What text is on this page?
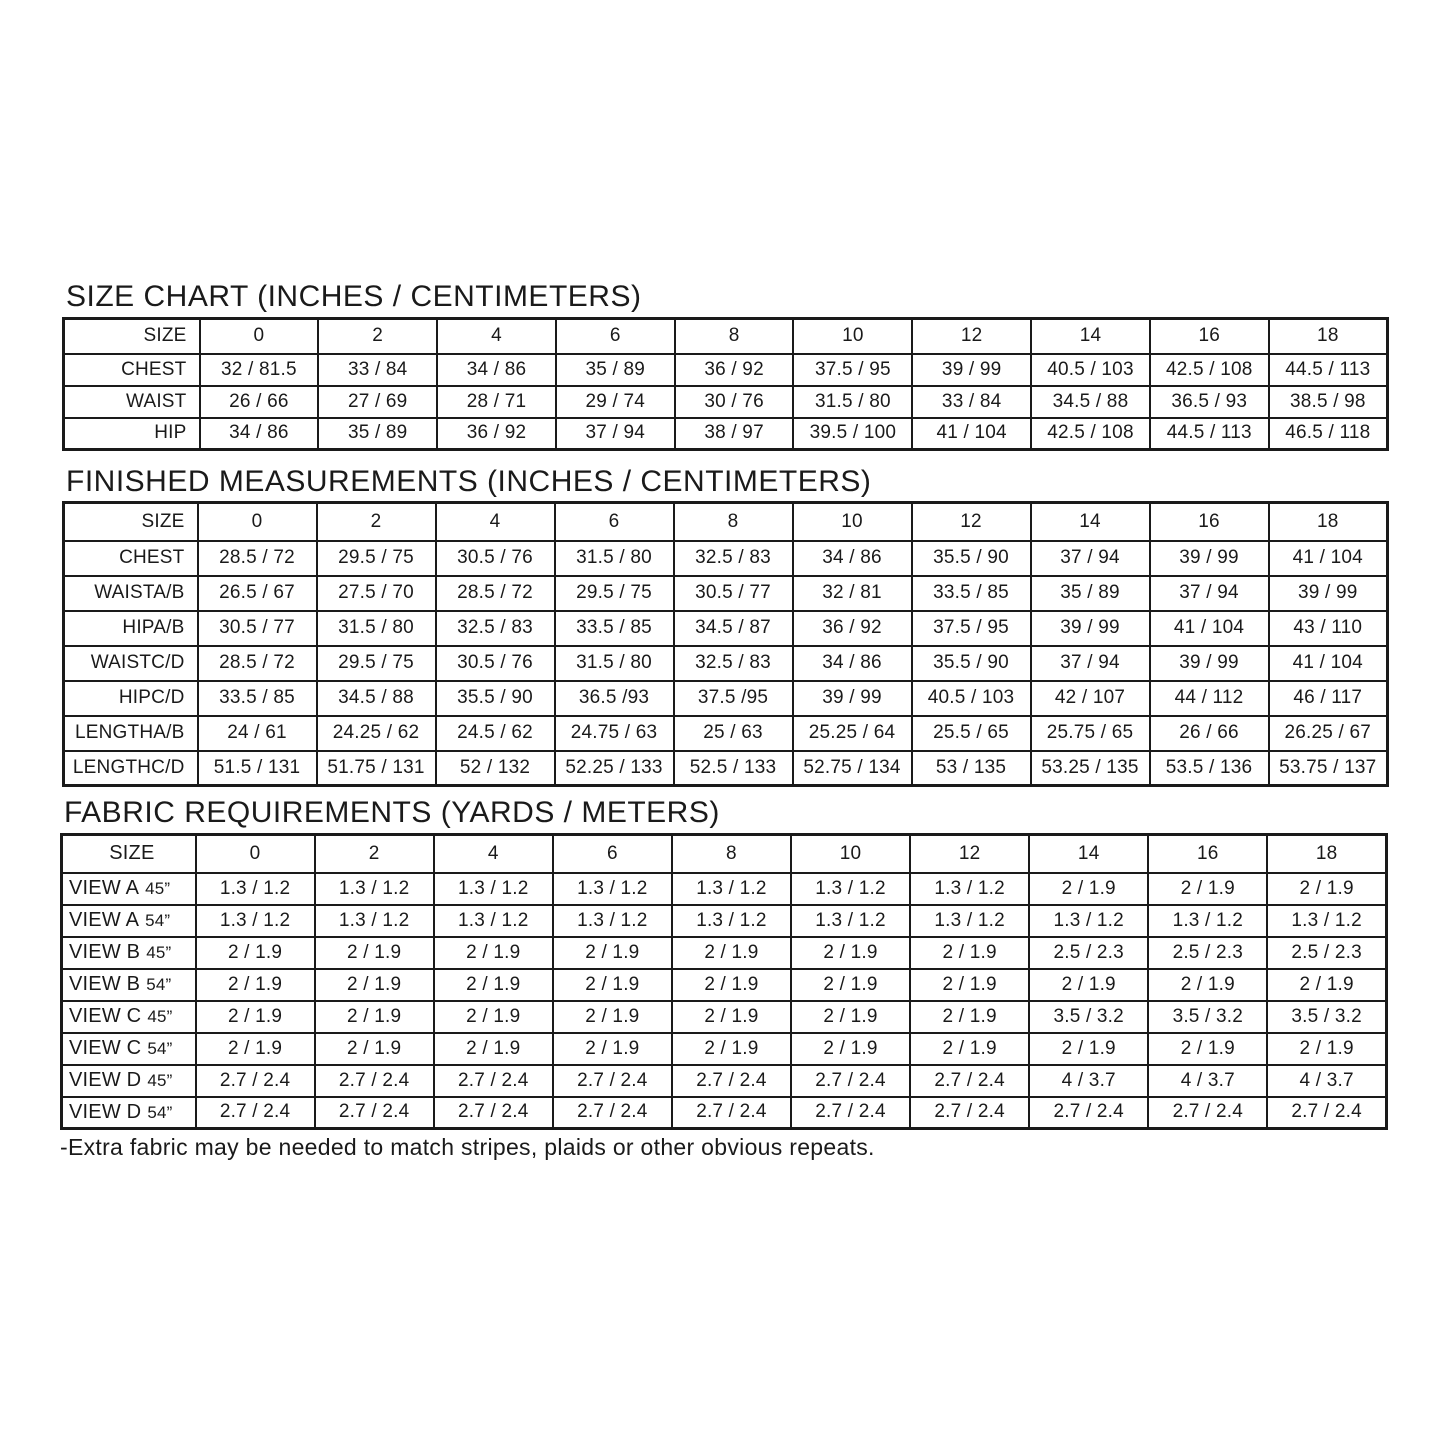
SIZE CHART (INCHES / CENTIMETERS)
SIZE	0	2	4	6	8	10	12	14	16	18
CHEST	32 / 81.5	33 / 84	34 / 86	35 / 89	36 / 92	37.5 / 95	39 / 99	40.5 / 103	42.5 / 108	44.5 / 113
WAIST	26 / 66	27 / 69	28 / 71	29 / 74	30 / 76	31.5 / 80	33 / 84	34.5 / 88	36.5 / 93	38.5 / 98
HIP	34 / 86	35 / 89	36 / 92	37 / 94	38 / 97	39.5 / 100	41 / 104	42.5 / 108	44.5 / 113	46.5 / 118
FINISHED MEASUREMENTS (INCHES / CENTIMETERS)
SIZE	0	2	4	6	8	10	12	14	16	18
CHEST	28.5 / 72	29.5 / 75	30.5 / 76	31.5 / 80	32.5 / 83	34 / 86	35.5 / 90	37 / 94	39 / 99	41 / 104
WAISTA/B	26.5 / 67	27.5 / 70	28.5 / 72	29.5 / 75	30.5 / 77	32 / 81	33.5 / 85	35 / 89	37 / 94	39 / 99
HIPA/B	30.5 / 77	31.5 / 80	32.5 / 83	33.5 / 85	34.5 / 87	36 / 92	37.5 / 95	39 / 99	41 / 104	43 / 110
WAISTC/D	28.5 / 72	29.5 / 75	30.5 / 76	31.5 / 80	32.5 / 83	34 / 86	35.5 / 90	37 / 94	39 / 99	41 / 104
HIPC/D	33.5 / 85	34.5 / 88	35.5 / 90	36.5 /93	37.5 /95	39 / 99	40.5 / 103	42 / 107	44 / 112	46 / 117
LENGTHA/B	24 / 61	24.25 / 62	24.5 / 62	24.75 / 63	25 / 63	25.25 / 64	25.5 / 65	25.75 / 65	26 / 66	26.25 / 67
LENGTHC/D	51.5 / 131	51.75 / 131	52 / 132	52.25 / 133	52.5 / 133	52.75 / 134	53 / 135	53.25 / 135	53.5 / 136	53.75 / 137
FABRIC REQUIREMENTS (YARDS / METERS)
SIZE	0	2	4	6	8	10	12	14	16	18
VIEW A 45”	1.3 / 1.2	1.3 / 1.2	1.3 / 1.2	1.3 / 1.2	1.3 / 1.2	1.3 / 1.2	1.3 / 1.2	2 / 1.9	2 / 1.9	2 / 1.9
VIEW A 54”	1.3 / 1.2	1.3 / 1.2	1.3 / 1.2	1.3 / 1.2	1.3 / 1.2	1.3 / 1.2	1.3 / 1.2	1.3 / 1.2	1.3 / 1.2	1.3 / 1.2
VIEW B 45”	2 / 1.9	2 / 1.9	2 / 1.9	2 / 1.9	2 / 1.9	2 / 1.9	2 / 1.9	2.5 / 2.3	2.5 / 2.3	2.5 / 2.3
VIEW B 54”	2 / 1.9	2 / 1.9	2 / 1.9	2 / 1.9	2 / 1.9	2 / 1.9	2 / 1.9	2 / 1.9	2 / 1.9	2 / 1.9
VIEW C 45”	2 / 1.9	2 / 1.9	2 / 1.9	2 / 1.9	2 / 1.9	2 / 1.9	2 / 1.9	3.5 / 3.2	3.5 / 3.2	3.5 / 3.2
VIEW C 54”	2 / 1.9	2 / 1.9	2 / 1.9	2 / 1.9	2 / 1.9	2 / 1.9	2 / 1.9	2 / 1.9	2 / 1.9	2 / 1.9
VIEW D 45”	2.7 / 2.4	2.7 / 2.4	2.7 / 2.4	2.7 / 2.4	2.7 / 2.4	2.7 / 2.4	2.7 / 2.4	4 / 3.7	4 / 3.7	4 / 3.7
VIEW D 54”	2.7 / 2.4	2.7 / 2.4	2.7 / 2.4	2.7 / 2.4	2.7 / 2.4	2.7 / 2.4	2.7 / 2.4	2.7 / 2.4	2.7 / 2.4	2.7 / 2.4
-Extra fabric may be needed to match stripes, plaids or other obvious repeats.
